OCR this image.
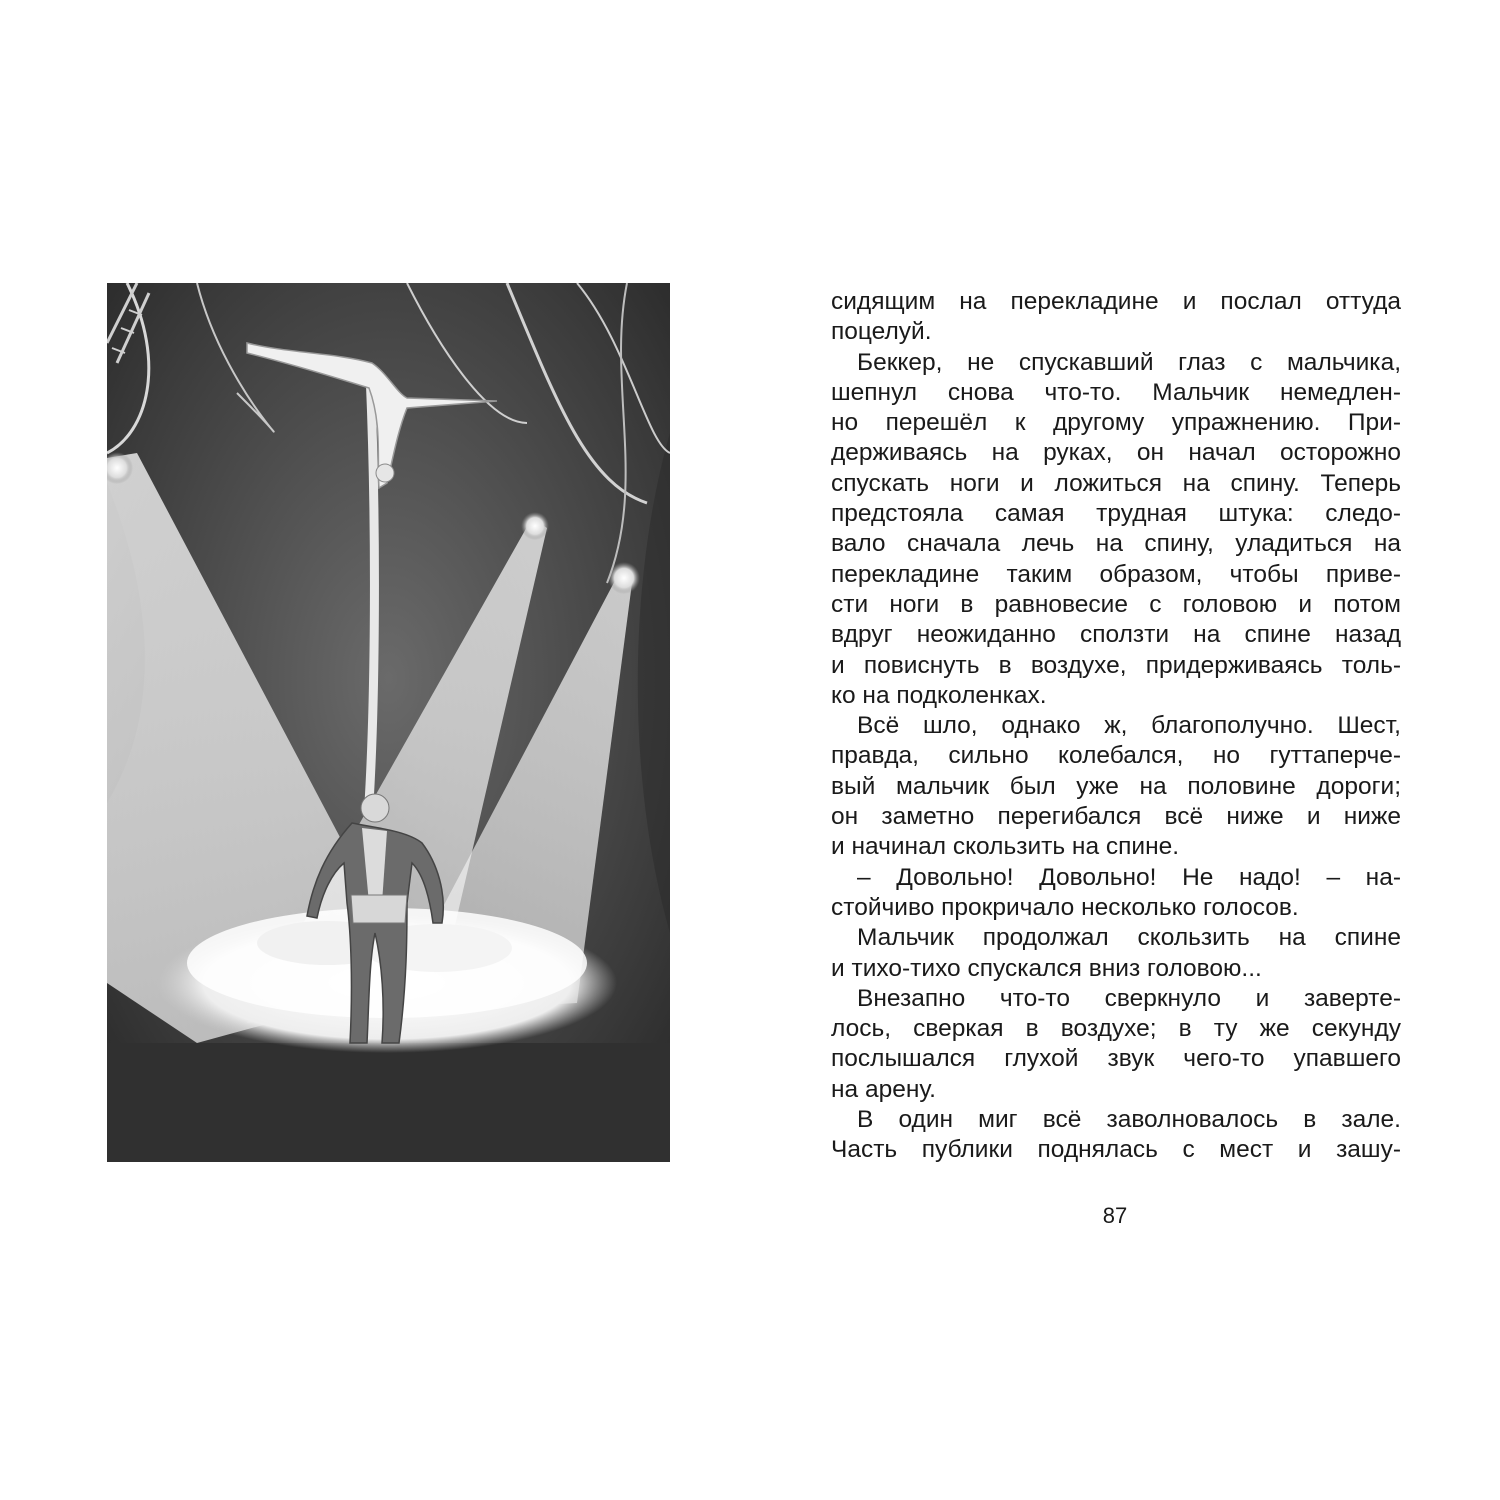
сидящим на перекладине и послал оттуда
поцелуй.
Беккер, не спускавший глаз с мальчика,
шепнул снова что-то. Мальчик немедлен-
но перешёл к другому упражнению. При-
держиваясь на руках, он начал осторожно
спускать ноги и ложиться на спину. Теперь
предстояла самая трудная штука: следо-
вало сначала лечь на спину, уладиться на
перекладине таким образом, чтобы приве-
сти ноги в равновесие с головою и потом
вдруг неожиданно сползти на спине назад
и повиснуть в воздухе, придерживаясь толь-
ко на подколенках.
Всё шло, однако ж, благополучно. Шест,
правда, сильно колебался, но гуттаперче-
вый мальчик был уже на половине дороги;
он заметно перегибался всё ниже и ниже
и начинал скользить на спине.
– Довольно! Довольно! Не надо! – на-
стойчиво прокричало несколько голосов.
Мальчик продолжал скользить на спине
и тихо-тихо спускался вниз головою...
Внезапно что-то сверкнуло и заверте-
лось, сверкая в воздухе; в ту же секунду
послышался глухой звук чего-то упавшего
на арену.
В один миг всё заволновалось в зале.
Часть публики поднялась с мест и зашу-
87
